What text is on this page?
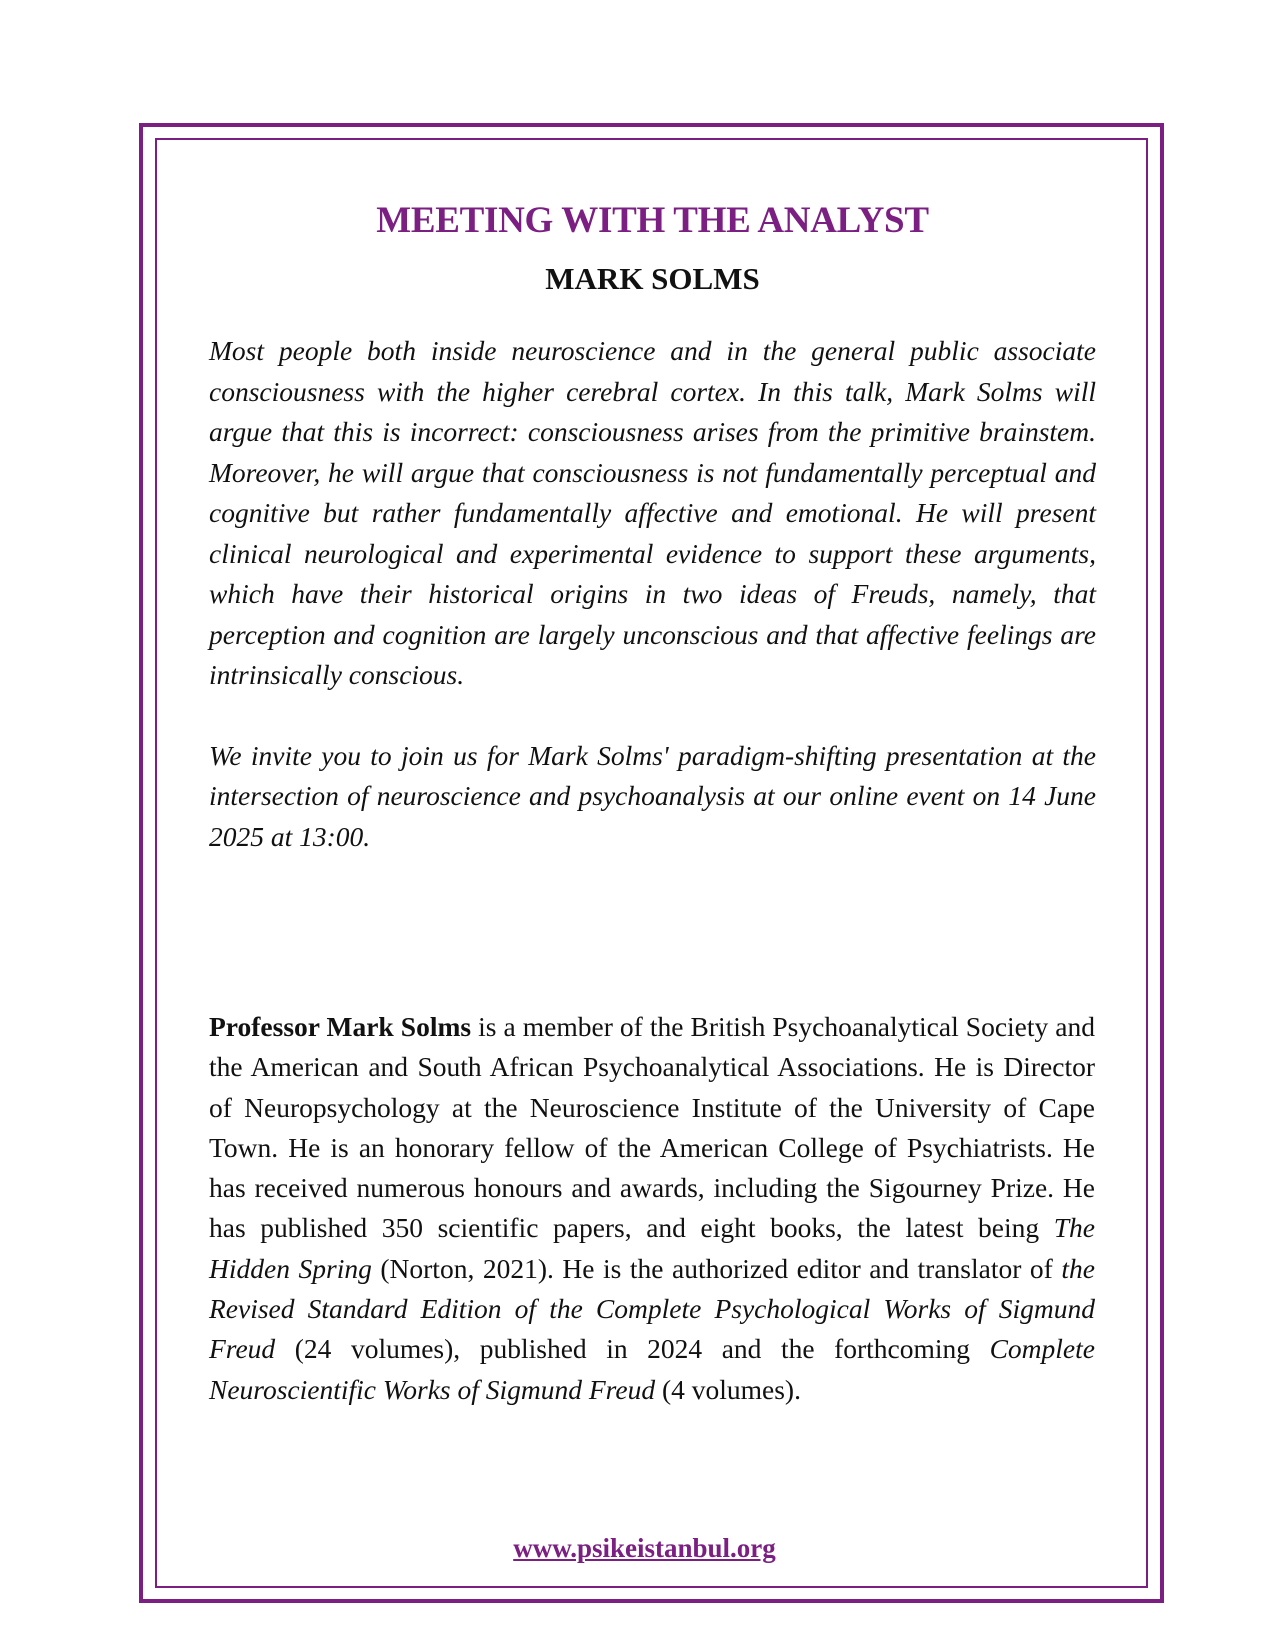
MEETING WITH THE ANALYST
MARK SOLMS

Most people both inside neuroscience and in the general public associate consciousness with the higher cerebral cortex. In this talk, Mark Solms will argue that this is incorrect: consciousness arises from the primitive brainstem. Moreover, he will argue that consciousness is not fundamentally perceptual and cognitive but rather fundamentally affective and emotional. He will present clinical neurological and experimental evidence to support these arguments, which have their historical origins in two ideas of Freuds, namely, that perception and cognition are largely unconscious and that affective feelings are intrinsically conscious.

We invite you to join us for Mark Solms' paradigm-shifting presentation at the intersection of neuroscience and psychoanalysis at our online event on 14 June 2025 at 13:00.

Professor Mark Solms is a member of the British Psychoanalytical Society and the American and South African Psychoanalytical Associations. He is Director of Neuropsychology at the Neuroscience Institute of the University of Cape Town. He is an honorary fellow of the American College of Psychiatrists. He has received numerous honours and awards, including the Sigourney Prize. He has published 350 scientific papers, and eight books, the latest being The Hidden Spring (Norton, 2021). He is the authorized editor and translator of the Revised Standard Edition of the Complete Psychological Works of Sigmund Freud (24 volumes), published in 2024 and the forthcoming Complete Neuroscientific Works of Sigmund Freud (4 volumes).

www.psikeistanbul.org
